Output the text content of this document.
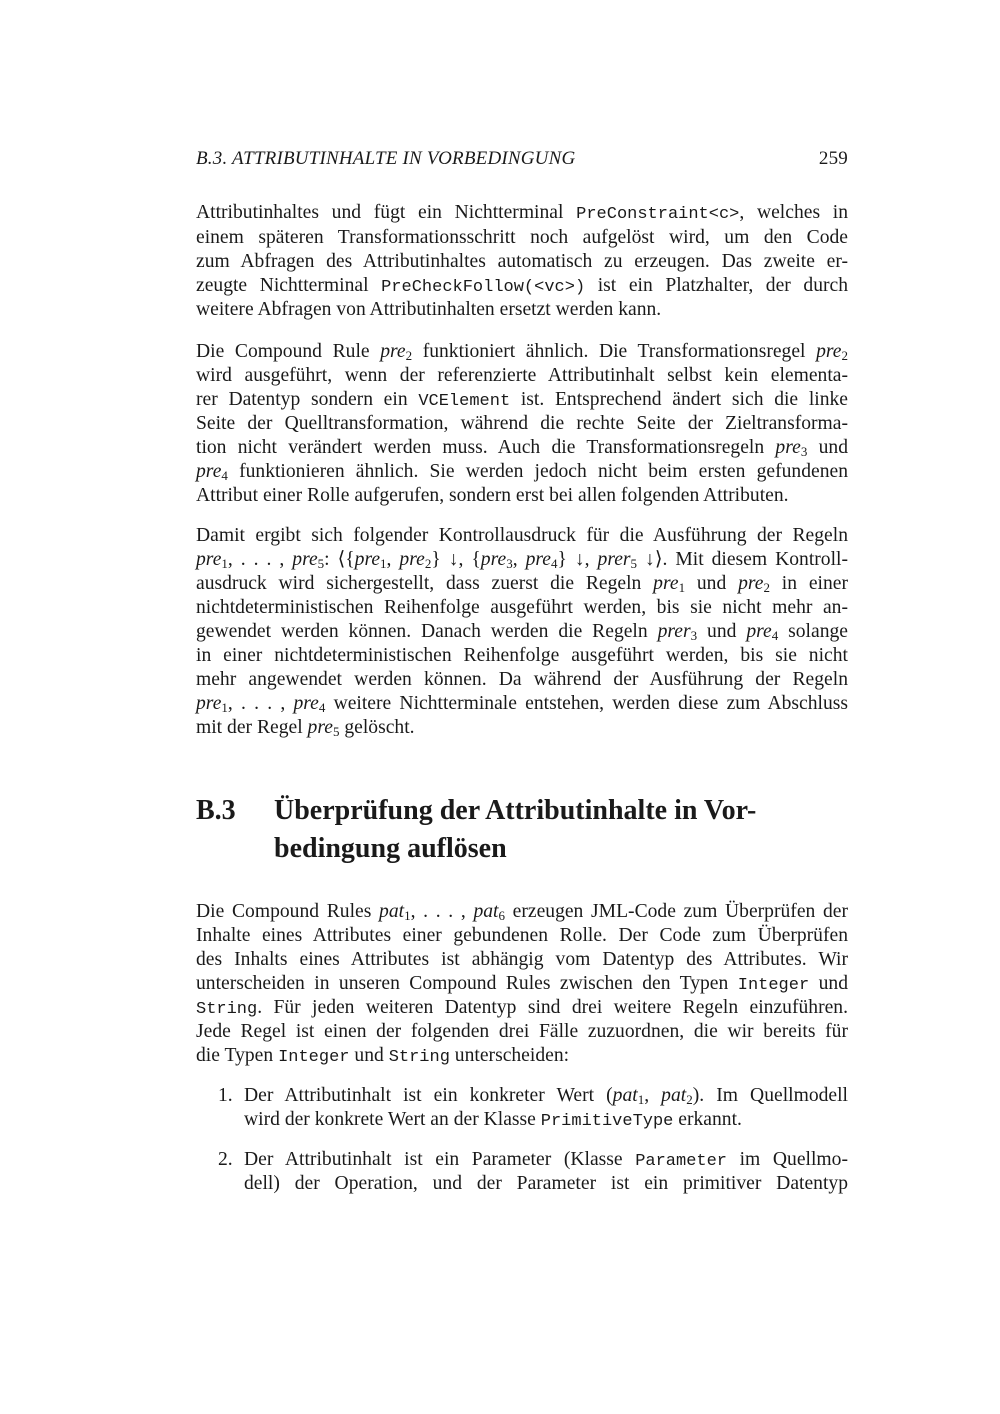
B.3. ATTRIBUTINHALTE IN VORBEDINGUNG	259
Attributinhaltes und fügt ein Nichtterminal PreConstraint<c>, welches in
einem späteren Transformationsschritt noch aufgelöst wird, um den Code
zum Abfragen des Attributinhaltes automatisch zu erzeugen. Das zweite er-
zeugte Nichtterminal PreCheckFollow(<vc>) ist ein Platzhalter, der durch
weitere Abfragen von Attributinhalten ersetzt werden kann.
Die Compound Rule pre$_2$ funktioniert ähnlich. Die Transformationsregel pre$_2$
wird ausgeführt, wenn der referenzierte Attributinhalt selbst kein elementa-
rer Datentyp sondern ein VCElement ist. Entsprechend ändert sich die linke
Seite der Quelltransformation, während die rechte Seite der Zieltransforma-
tion nicht verändert werden muss. Auch die Transformationsregeln pre$_3$ und
pre$_4$ funktionieren ähnlich. Sie werden jedoch nicht beim ersten gefundenen
Attribut einer Rolle aufgerufen, sondern erst bei allen folgenden Attributen.
Damit ergibt sich folgender Kontrollausdruck für die Ausführung der Regeln
pre$_1$, . . . , pre$_5$: ⟨{pre$_1$, pre$_2$} ↓, {pre$_3$, pre$_4$} ↓, prer$_5$ ↓⟩. Mit diesem Kontroll-
ausdruck wird sichergestellt, dass zuerst die Regeln pre$_1$ und pre$_2$ in einer
nichtdeterministischen Reihenfolge ausgeführt werden, bis sie nicht mehr an-
gewendet werden können. Danach werden die Regeln prer$_3$ und pre$_4$ solange
in einer nichtdeterministischen Reihenfolge ausgeführt werden, bis sie nicht
mehr angewendet werden können. Da während der Ausführung der Regeln
pre$_1$, . . . , pre$_4$ weitere Nichtterminale entstehen, werden diese zum Abschluss
mit der Regel pre$_5$ gelöscht.
B.3 Überprüfung der Attributinhalte in Vor-
bedingung auflösen
Die Compound Rules pat$_1$, . . . , pat$_6$ erzeugen JML-Code zum Überprüfen der
Inhalte eines Attributes einer gebundenen Rolle. Der Code zum Überprüfen
des Inhalts eines Attributes ist abhängig vom Datentyp des Attributes. Wir
unterscheiden in unseren Compound Rules zwischen den Typen Integer und
String. Für jeden weiteren Datentyp sind drei weitere Regeln einzuführen.
Jede Regel ist einen der folgenden drei Fälle zuzuordnen, die wir bereits für
die Typen Integer und String unterscheiden:
1. Der Attributinhalt ist ein konkreter Wert (pat$_1$, pat$_2$). Im Quellmodell
wird der konkrete Wert an der Klasse PrimitiveType erkannt.
2. Der Attributinhalt ist ein Parameter (Klasse Parameter im Quellmo-
dell) der Operation, und der Parameter ist ein primitiver Datentyp
